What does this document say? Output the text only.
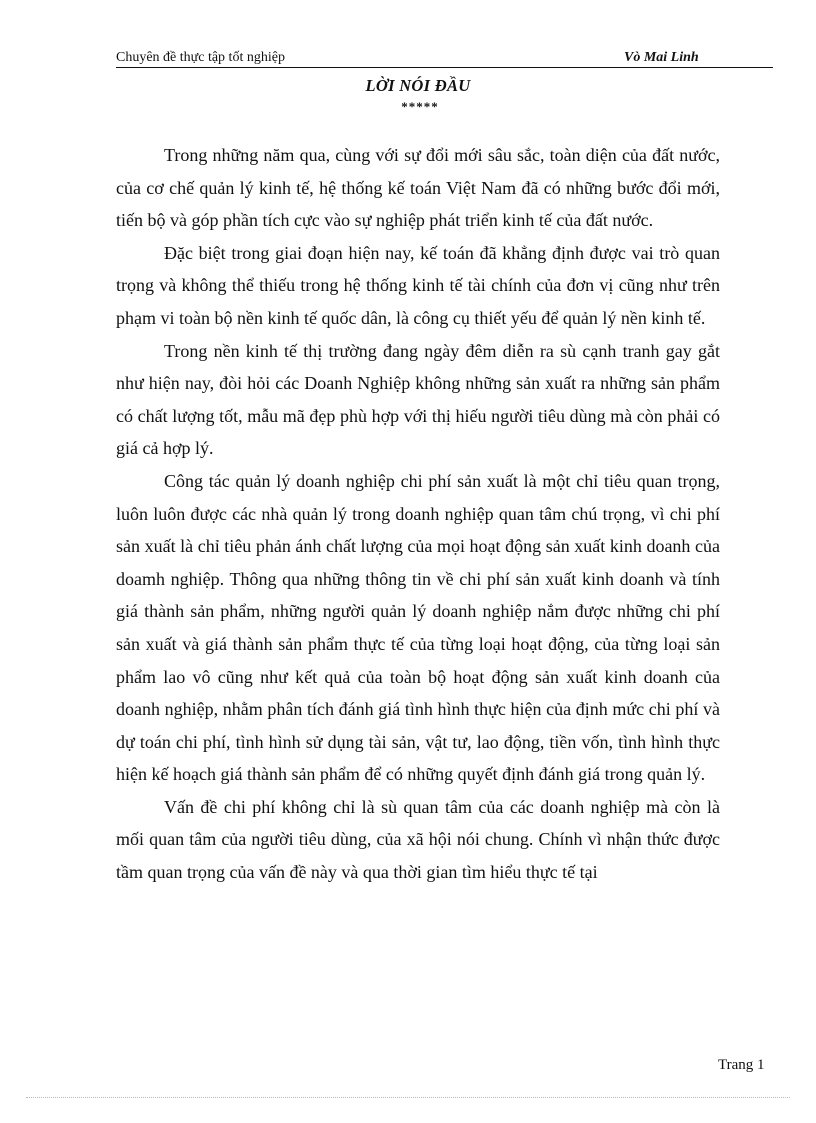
Chuyên đề thực tập tốt nghiệp	Vò Mai Linh
LỜI NÓI ĐẦU
*****

Trong những năm qua, cùng với sự đổi mới sâu sắc, toàn diện của đất nước, của cơ chế quản lý kinh tế, hệ thống kế toán Việt Nam đã có những bước đổi mới, tiến bộ và góp phần tích cực vào sự nghiệp phát triển kinh tế của đất nước.

Đặc biệt trong giai đoạn hiện nay, kế toán đã khẳng định được vai trò quan trọng và không thể thiếu trong hệ thống kinh tế tài chính của đơn vị cũng như trên phạm vi toàn bộ nền kinh tế quốc dân, là công cụ thiết yếu để quản lý nền kinh tế.

Trong nền kinh tế thị trường đang ngày đêm diễn ra sù cạnh tranh gay gắt như hiện nay, đòi hỏi các Doanh Nghiệp không những sản xuất ra những sản phẩm có chất lượng tốt, mẫu mã đẹp phù hợp với thị hiếu người tiêu dùng mà còn phải có giá cả hợp lý.

Công tác quản lý doanh nghiệp chi phí sản xuất là một chỉ tiêu quan trọng, luôn luôn được các nhà quản lý trong doanh nghiệp quan tâm chú trọng, vì chi phí sản xuất là chỉ tiêu phản ánh chất lượng của mọi hoạt động sản xuất kinh doanh của doamh nghiệp. Thông qua những thông tin về chi phí sản xuất kinh doanh và tính giá thành sản phẩm, những người quản lý doanh nghiệp nắm được những chi phí sản xuất và giá thành sản phẩm thực tế của từng loại hoạt động, của từng loại sản phẩm lao vô cũng như kết quả của toàn bộ hoạt động sản xuất kinh doanh của doanh nghiệp, nhằm phân tích đánh giá tình hình thực hiện của định mức chi phí và dự toán chi phí, tình hình sử dụng tài sản, vật tư, lao động, tiền vốn, tình hình thực hiện kế hoạch giá thành sản phẩm để có những quyết định đánh giá trong quản lý.

Vấn đề chi phí không chỉ là sù quan tâm của các doanh nghiệp mà còn là mối quan tâm của người tiêu dùng, của xã hội nói chung. Chính vì nhận thức được tầm quan trọng của vấn đề này và qua thời gian tìm hiểu thực tế tại

Trang 1
